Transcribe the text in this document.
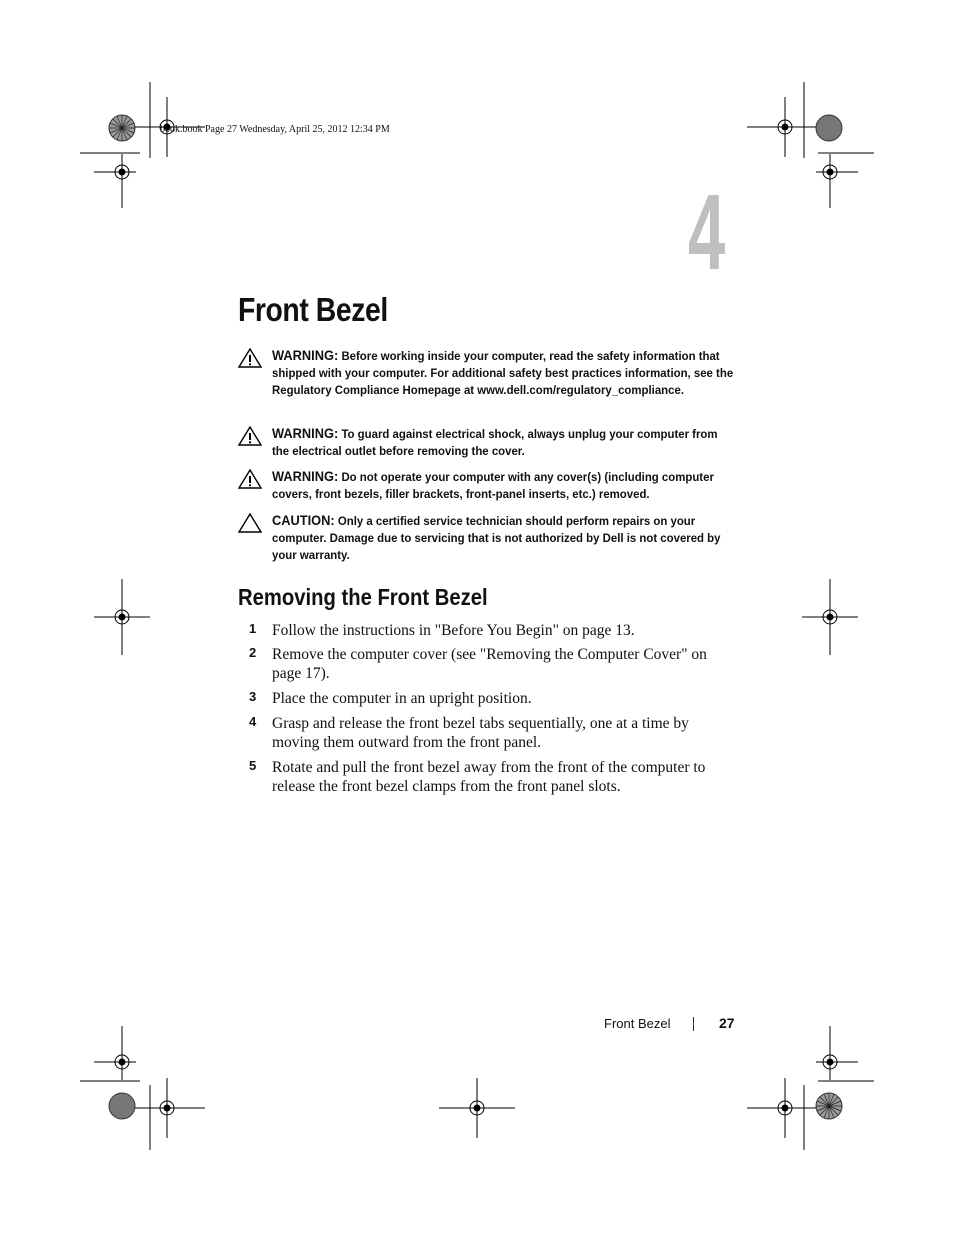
book.book Page 27 Wednesday, April 25, 2012 12:34 PM
4
Front Bezel
WARNING: Before working inside your computer, read the safety information that shipped with your computer. For additional safety best practices information, see the Regulatory Compliance Homepage at www.dell.com/regulatory_compliance.
WARNING: To guard against electrical shock, always unplug your computer from the electrical outlet before removing the cover.
WARNING: Do not operate your computer with any cover(s) (including computer covers, front bezels, filler brackets, front-panel inserts, etc.) removed.
CAUTION: Only a certified service technician should perform repairs on your computer. Damage due to servicing that is not authorized by Dell is not covered by your warranty.
Removing the Front Bezel
1 Follow the instructions in "Before You Begin" on page 13.
2 Remove the computer cover (see "Removing the Computer Cover" on page 17).
3 Place the computer in an upright position.
4 Grasp and release the front bezel tabs sequentially, one at a time by moving them outward from the front panel.
5 Rotate and pull the front bezel away from the front of the computer to release the front bezel clamps from the front panel slots.
Front Bezel	27
